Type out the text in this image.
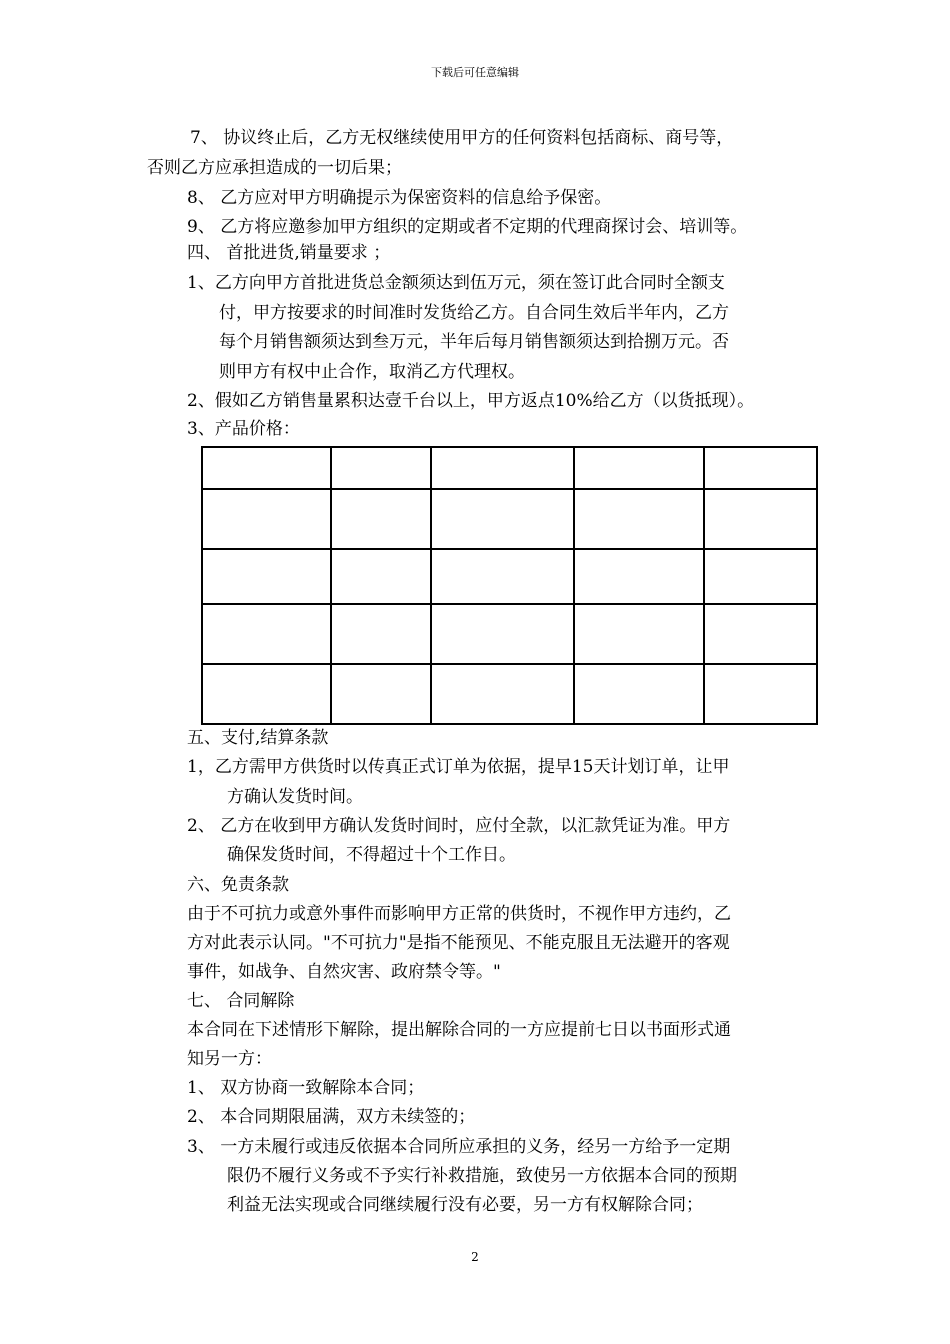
下载后可任意编辑
7、 协议终止后，乙方无权继续使用甲方的任何资料包括商标、商号等，
否则乙方应承担造成的一切后果；
8、 乙方应对甲方明确提示为保密资料的信息给予保密。
9、 乙方将应邀参加甲方组织的定期或者不定期的代理商探讨会、培训等。
四、 首批进货,销量要求 ；
1、乙方向甲方首批进货总金额须达到伍万元，须在签订此合同时全额支
付，甲方按要求的时间准时发货给乙方。自合同生效后半年内，乙方
每个月销售额须达到叁万元，半年后每月销售额须达到拾捌万元。否
则甲方有权中止合作，取消乙方代理权。
2、假如乙方销售量累积达壹千台以上，甲方返点10%给乙方（以货抵现）。
3、产品价格：

五、支付,结算条款
1，乙方需甲方供货时以传真正式订单为依据，提早15天计划订单，让甲
方确认发货时间。
2、 乙方在收到甲方确认发货时间时，应付全款，以汇款凭证为准。甲方
确保发货时间，不得超过十个工作日。
六、免责条款
由于不可抗力或意外事件而影响甲方正常的供货时，不视作甲方违约，乙
方对此表示认同。"不可抗力"是指不能预见、不能克服且无法避开的客观
事件，如战争、自然灾害、政府禁令等。"
七、 合同解除
本合同在下述情形下解除，提出解除合同的一方应提前七日以书面形式通
知另一方：
1、 双方协商一致解除本合同；
2、 本合同期限届满，双方未续签的；
3、 一方未履行或违反依据本合同所应承担的义务，经另一方给予一定期
限仍不履行义务或不予实行补救措施，致使另一方依据本合同的预期
利益无法实现或合同继续履行没有必要，另一方有权解除合同；
2
